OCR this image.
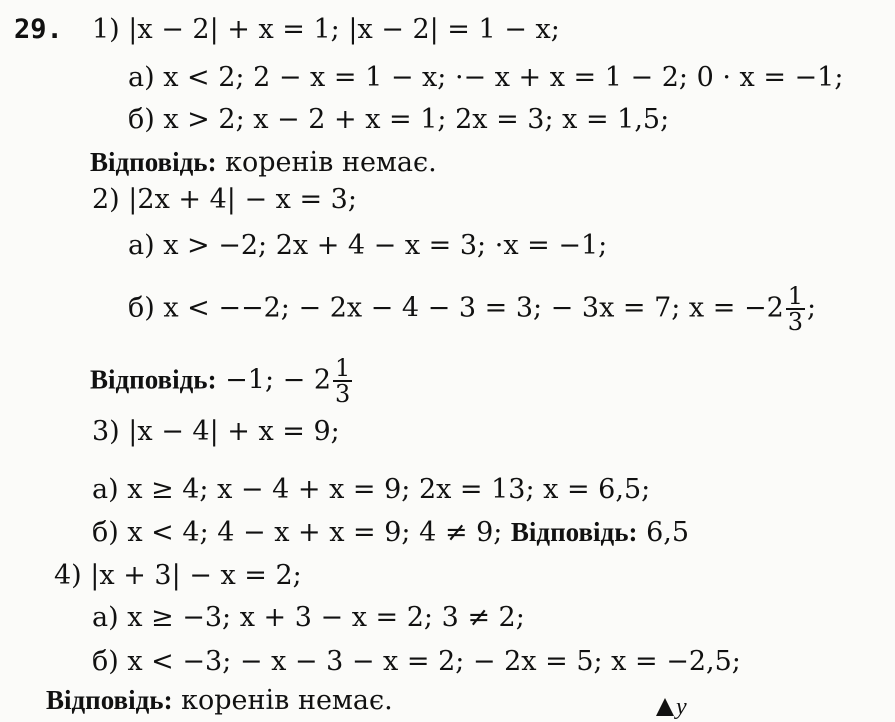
29. 1) |x − 2| + x = 1; |x − 2| = 1 − x;
а) x < 2; 2 − x = 1 − x; ·− x + x = 1 − 2; 0 · x = −1;
б) x > 2; x − 2 + x = 1; 2x = 3; x = 1,5;
Відповідь: коренів немає.
2) |2x + 4| − x = 3;
а) x > −2; 2x + 4 − x = 3; ·x = −1;
б) x < −−2; − 2x − 4 − 3 = 3; − 3x = 7; $x = -2 \frac{1}{3}$ ;
Відповідь: −1; − $2 \frac{1}{3}$
3) |x − 4| + x = 9;
а) x ≥ 4; x − 4 + x = 9; 2x = 13; x = 6,5;
б) x < 4; 4 − x + x = 9; 4 ≠ 9; Відповідь: 6,5
4) |x + 3| − x = 2;
а) x ≥ −3; x + 3 − x = 2; 3 ≠ 2;
б) x < −3; − x − 3 − x = 2; − 2x = 5; x = −2,5;
Відповідь: коренів немає.	y
